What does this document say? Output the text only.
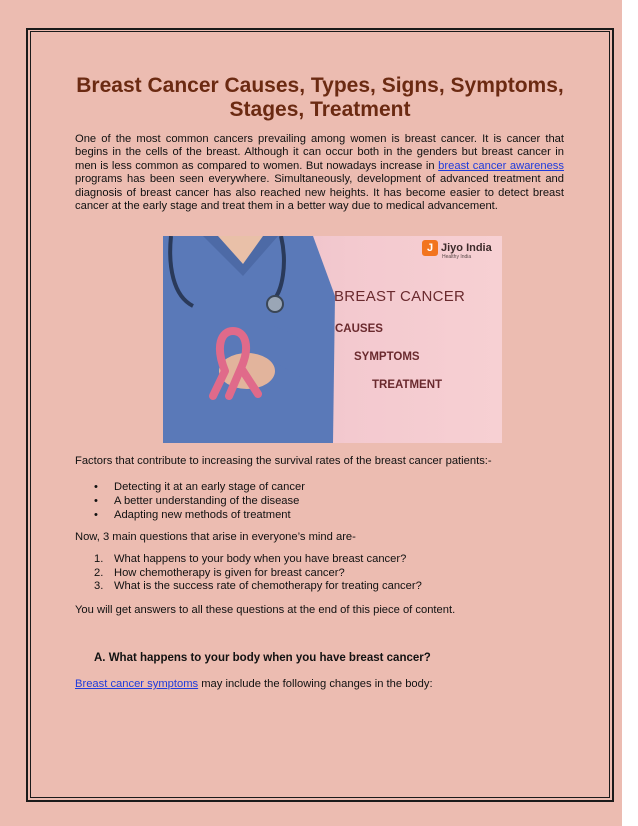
Breast Cancer Causes, Types, Signs, Symptoms, Stages, Treatment

One of the most common cancers prevailing among women is breast cancer. It is cancer that begins in the cells of the breast. Although it can occur both in the genders but breast cancer in men is less common as compared to women. But nowadays increase in breast cancer awareness programs has been seen everywhere. Simultaneously, development of advanced treatment and diagnosis of breast cancer has also reached new heights. It has become easier to detect breast cancer at the early stage and treat them in a better way due to medical advancement.

J Jiyo India
Healthy India
BREAST CANCER
CAUSES
SYMPTOMS
TREATMENT

Factors that contribute to increasing the survival rates of the breast cancer patients:-

• Detecting it at an early stage of cancer
• A better understanding of the disease
• Adapting new methods of treatment

Now, 3 main questions that arise in everyone’s mind are-

1. What happens to your body when you have breast cancer?
2. How chemotherapy is given for breast cancer?
3. What is the success rate of chemotherapy for treating cancer?

You will get answers to all these questions at the end of this piece of content.

A. What happens to your body when you have breast cancer?

Breast cancer symptoms may include the following changes in the body:
